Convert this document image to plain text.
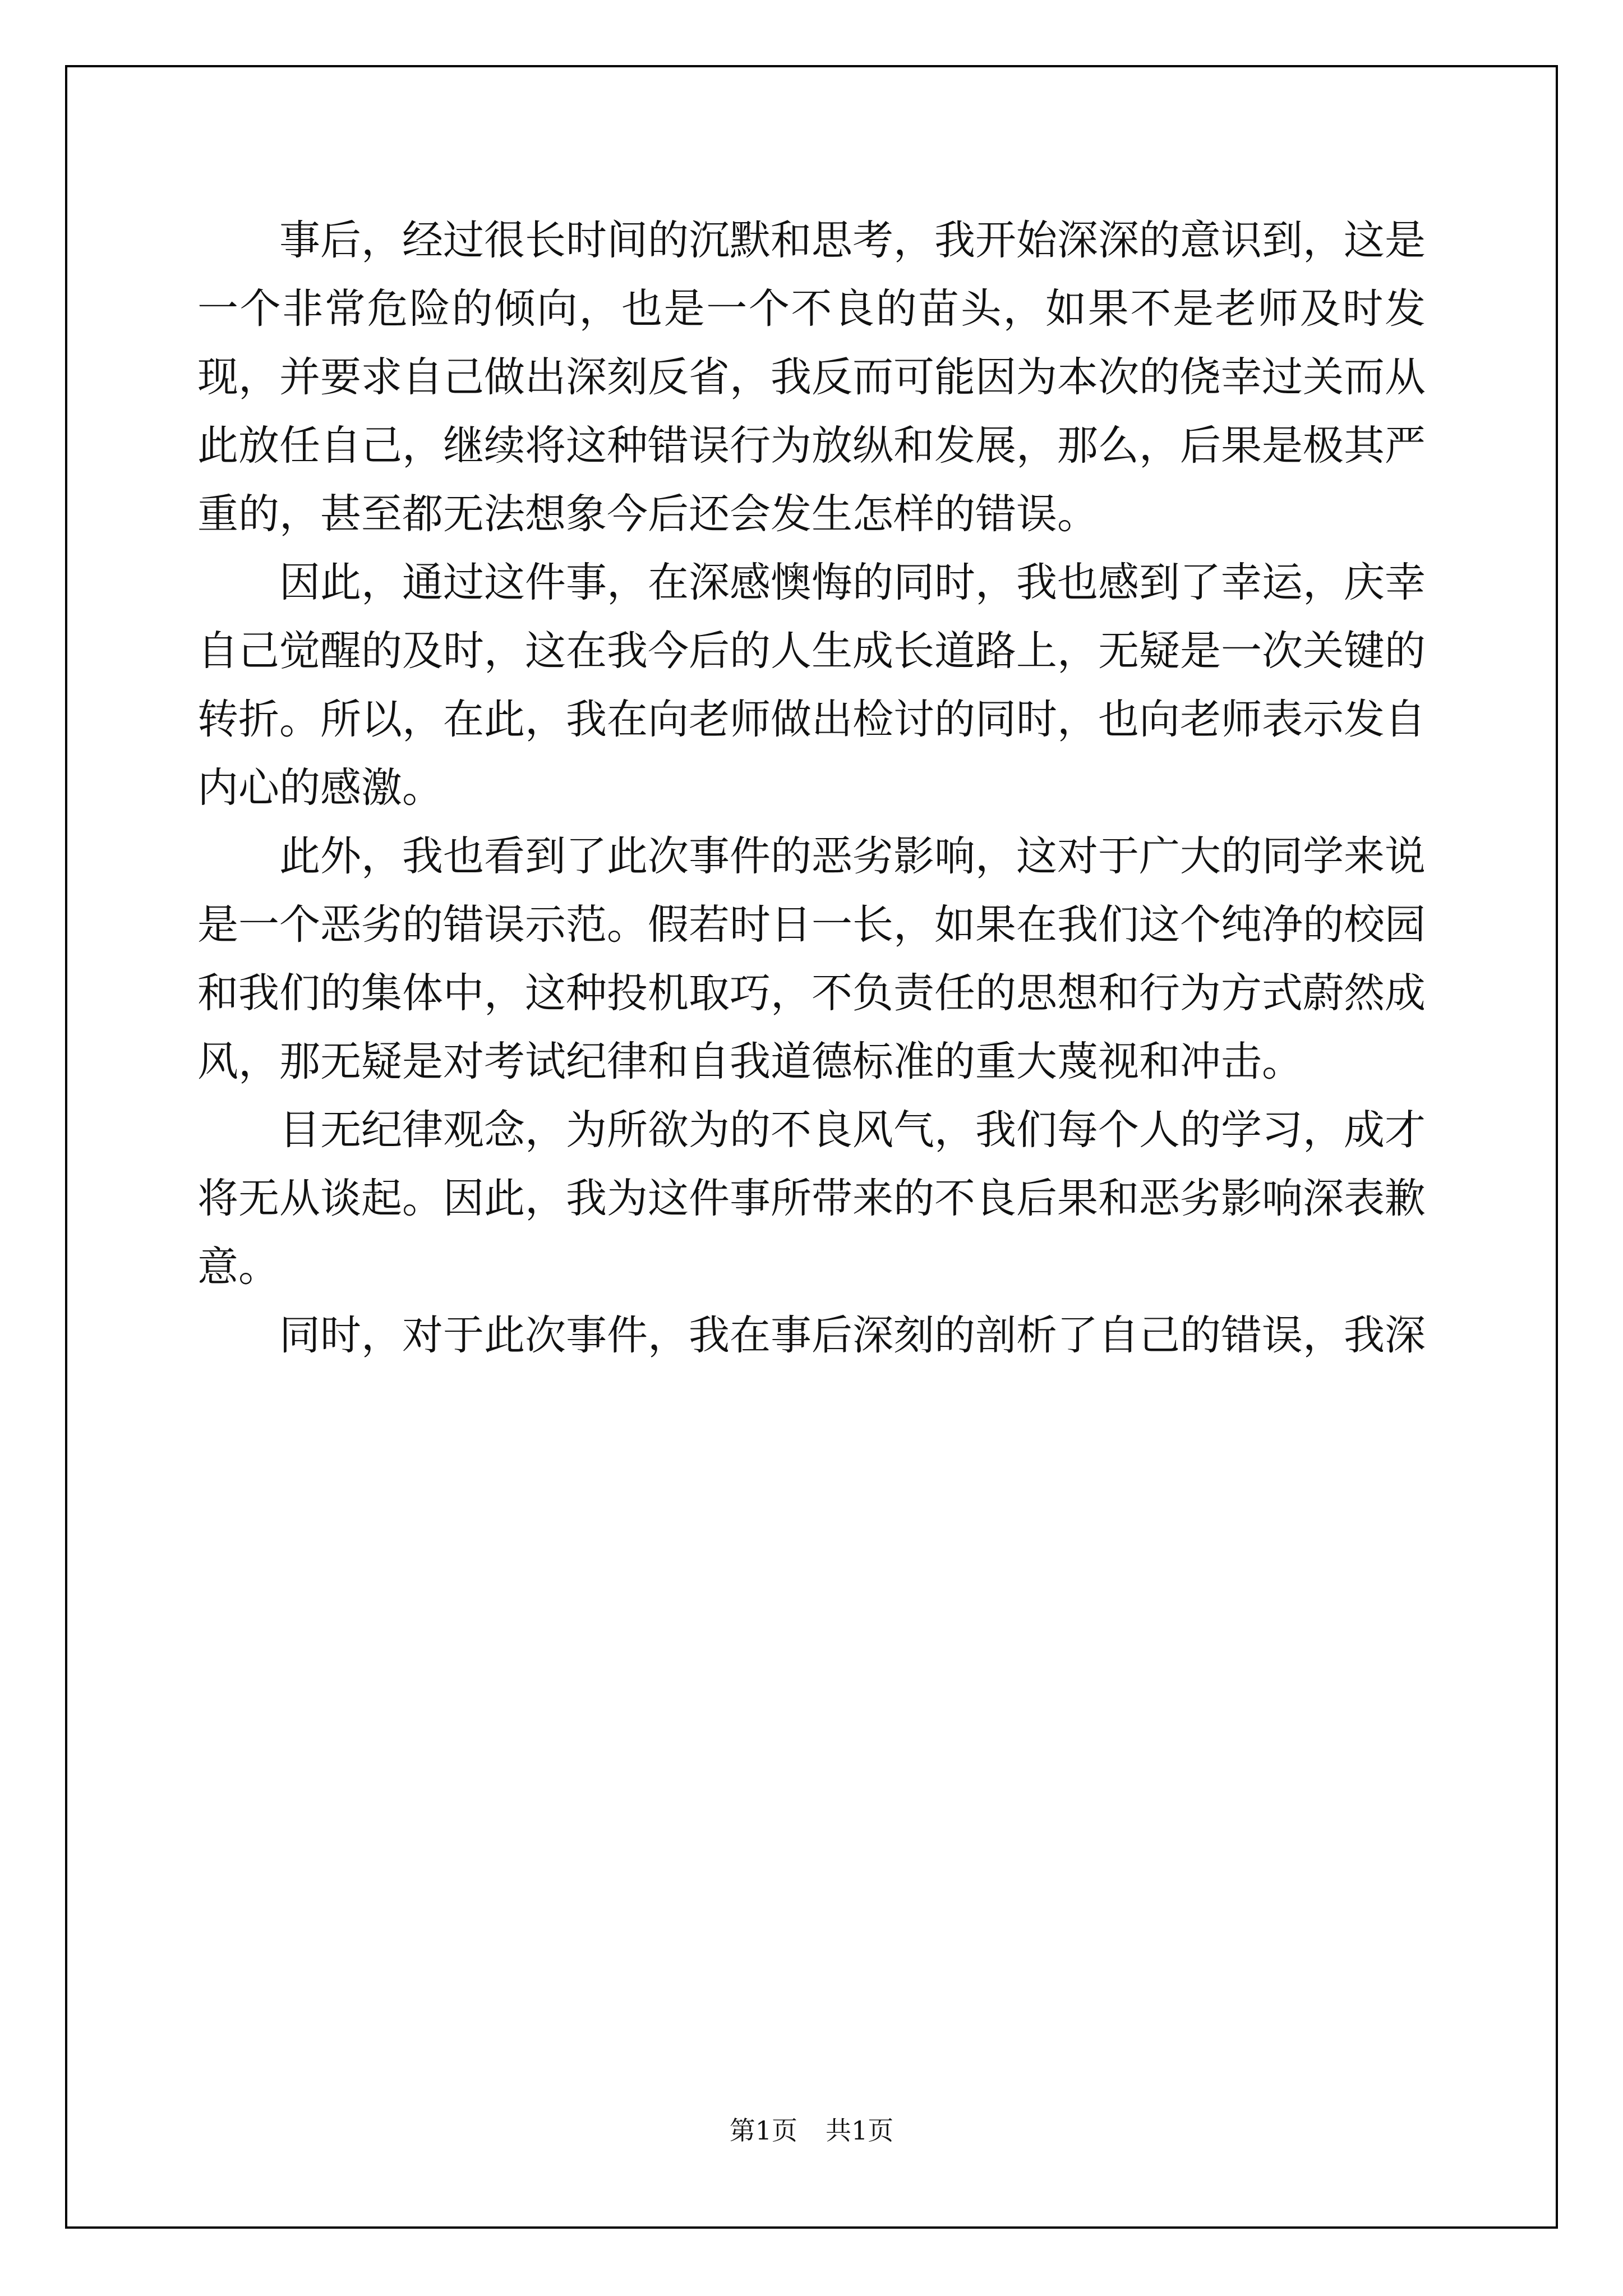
事后，经过很长时间的沉默和思考，我开始深深的意识到，这是一个非常危险的倾向，也是一个不良的苗头，如果不是老师及时发现，并要求自己做出深刻反省，我反而可能因为本次的侥幸过关而从此放任自己，继续将这种错误行为放纵和发展，那么，后果是极其严重的，甚至都无法想象今后还会发生怎样的错误。

因此，通过这件事，在深感懊悔的同时，我也感到了幸运，庆幸自己觉醒的及时，这在我今后的人生成长道路上，无疑是一次关键的转折。所以，在此，我在向老师做出检讨的同时，也向老师表示发自内心的感激。

此外，我也看到了此次事件的恶劣影响，这对于广大的同学来说是一个恶劣的错误示范。假若时日一长，如果在我们这个纯净的校园和我们的集体中，这种投机取巧，不负责任的思想和行为方式蔚然成风，那无疑是对考试纪律和自我道德标准的重大蔑视和冲击。

目无纪律观念，为所欲为的不良风气，我们每个人的学习，成才将无从谈起。因此，我为这件事所带来的不良后果和恶劣影响深表歉意。

同时，对于此次事件，我在事后深刻的剖析了自己的错误，我深

第1页 共1页
